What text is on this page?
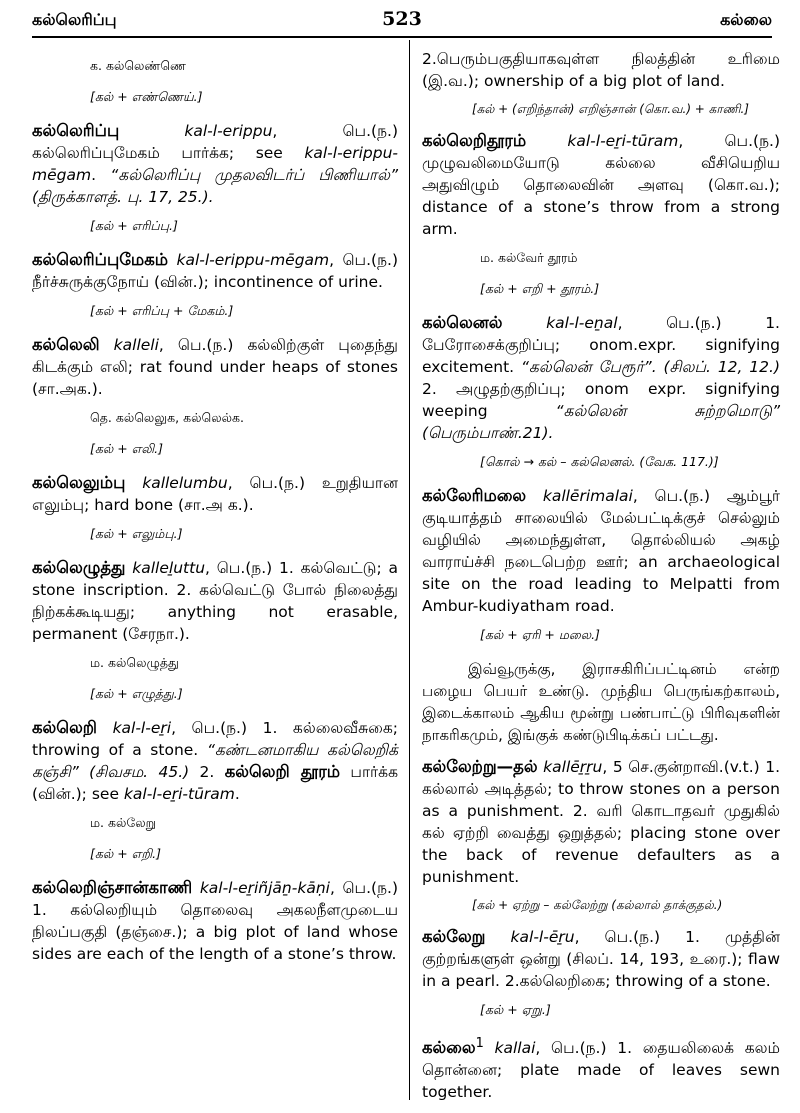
கல்லெரிப்பு	523	கல்லை
க. கல்லெண்ணெ
[கல் + எண்ணெய்.]
கல்லெரிப்பு	kal-l-erippu, பெ.(ந.) கல்லெரிப்புமேகம் பார்க்க; see kal-l-erippu-mēgam. “கல்லெரிப்பு முதலவிடர்ப் பிணியால்” (திருக்காளத். பு. 17, 25.).
[கல் + எரிப்பு.]
கல்லெரிப்புமேகம் kal-l-erippu-mēgam, பெ.(ந.) நீர்ச்சுருக்குநோய் (வின்.); incontinence of urine.
[கல் + எரிப்பு + மேகம்.]
கல்லெலி kalleli, பெ.(ந.) கல்லிற்குள் புதைந்து கிடக்கும் எலி; rat found under heaps of stones (சா.அக.).
தெ. கல்லெலுக, கல்லெல்க.
[கல் + எலி.]
கல்லெலும்பு kallelumbu, பெ.(ந.) உறுதியான எலும்பு; hard bone (சா.அ க.).
[கல் + எலும்பு.]
கல்லெழுத்து kalleḻuttu, பெ.(ந.) 1. கல்வெட்டு; a stone inscription. 2. கல்வெட்டு போல் நிலைத்து நிற்கக்கூடியது; anything not erasable, permanent (சேரநா.).
ம. கல்லெழுத்து
[கல் + எழுத்து.]
கல்லெறி kal-l-eṟi, பெ.(ந.) 1. கல்லைவீசுகை; throwing of a stone. “கண்டனமாகிய கல்லெறிக் கஞ்சி” (சிவசம. 45.) 2. கல்லெறி தூரம் பார்க்க (வின்.); see kal-l-eṟi-tūram.
ம. கல்லேறு
[கல் + எறி.]
கல்லெறிஞ்சான்காணி kal-l-eṟiñjāṉ-kāṇi, பெ.(ந.) 1. கல்லெறியும் தொலைவு அகலநீளமுடைய நிலப்பகுதி (தஞ்சை.); a big plot of land whose sides are each of the length of a stone’s throw.
2.பெரும்பகுதியாகவுள்ள நிலத்தின் உரிமை (இ.வ.); ownership of a big plot of land.
[கல் + (எறிந்தான்) எறிஞ்சான் (கொ.வ.) + காணி.]
கல்லெறிதூரம்	kal-l-eṟi-tūram, பெ.(ந.) முழுவலிமையோடு கல்லை வீசியெறிய அதுவிழும் தொலைவின் அளவு (கொ.வ.); distance of a stone’s throw from a strong arm.
ம. கல்வேர் தூரம்
[கல் + எறி + தூரம்.]
கல்லெனல்	kal-l-eṉal, பெ.(ந.) 1. பேரோசைக்குறிப்பு; onom.expr. signifying excitement. “கல்லென் பேரூர்”. (சிலப். 12, 12.) 2. அழுதற்குறிப்பு; onom expr. signifying weeping “கல்லென் சுற்றமொடு” (பெரும்பாண்.21).
[கொல் → கல் – கல்லெனல். (வேக. 117.)]
கல்லேரிமலை kallērimalai, பெ.(ந.) ஆம்பூர் குடியாத்தம் சாலையில் மேல்பட்டிக்குச் செல்லும் வழியில் அமைந்துள்ள, தொல்லியல் அகழ் வாராய்ச்சி நடைபெற்ற ஊர்; an archaeological site on the road leading to Melpatti from Ambur-kudiyatham road.
[கல் + ஏரி + மலை.]
இவ்வூருக்கு, இராசகிரிப்பட்டினம் என்ற பழைய பெயர் உண்டு. முந்திய பெருங்கற்காலம், இடைக்காலம் ஆகிய மூன்று பண்பாட்டு பிரிவுகளின் நாகரிகமும், இங்குக் கண்டுபிடிக்கப் பட்டது.
கல்லேற்று—தல் kallēṟṟu, 5 செ.குன்றாவி.(v.t.) 1. கல்லால் அடித்தல்; to throw stones on a person as a punishment. 2. வரி கொடாதவர் முதுகில் கல் ஏற்றி வைத்து ஒறுத்தல்; placing stone over the back of revenue defaulters as a punishment.
[கல் + ஏற்று – கல்லேற்று (கல்லால் தாக்குதல்.)
கல்லேறு kal-l-ēṟu, பெ.(ந.) 1. முத்தின் குற்றங்களுள் ஒன்று (சிலப். 14, 193, உரை.); flaw in a pearl. 2.கல்லெறிகை; throwing of a stone.
[கல் + ஏறு.]
கல்லை$^1$ kallai, பெ.(ந.) 1. தையலிலைக் கலம் தொன்னை; plate made of leaves sewn together.
